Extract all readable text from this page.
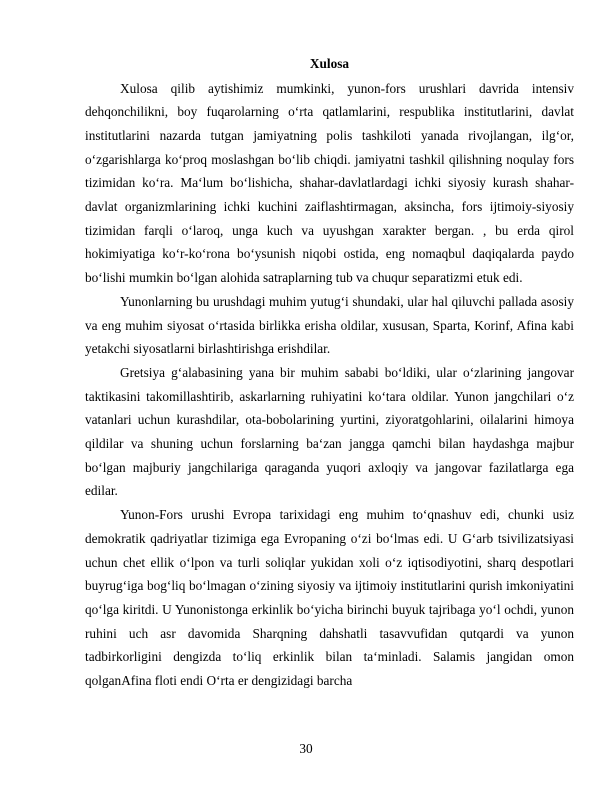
Xulosa

Xulosa qilib aytishimiz mumkinki, yunon-fors urushlari davrida intensiv dehqonchilikni, boy fuqarolarning o‘rta qatlamlarini, respublika institutlarini, davlat institutlarini nazarda tutgan jamiyatning polis tashkiloti yanada rivojlangan, ilg‘or, o‘zgarishlarga ko‘proq moslashgan bo‘lib chiqdi. jamiyatni tashkil qilishning noqulay fors tizimidan ko‘ra. Ma‘lum bo‘lishicha, shahar-davlatlardagi ichki siyosiy kurash shahar-davlat organizmlarining ichki kuchini zaiflashtirmagan, aksincha, fors ijtimoiy-siyosiy tizimidan farqli o‘laroq, unga kuch va uyushgan xarakter bergan. , bu erda qirol hokimiyatiga ko‘r-ko‘rona bo‘ysunish niqobi ostida, eng nomaqbul daqiqalarda paydo bo‘lishi mumkin bo‘lgan alohida satraplarning tub va chuqur separatizmi etuk edi.

Yunonlarning bu urushdagi muhim yutug‘i shundaki, ular hal qiluvchi pallada asosiy va eng muhim siyosat o‘rtasida birlikka erisha oldilar, xususan, Sparta, Korinf, Afina kabi yetakchi siyosatlarni birlashtirishga erishdilar.

Gretsiya g‘alabasining yana bir muhim sababi bo‘ldiki, ular o‘zlarining jangovar taktikasini takomillashtirib, askarlarning ruhiyatini ko‘tara oldilar. Yunon jangchilari o‘z vatanlari uchun kurashdilar, ota-bobolarining yurtini, ziyoratgohlarini, oilalarini himoya qildilar va shuning uchun forslarning ba‘zan jangga qamchi bilan haydashga majbur bo‘lgan majburiy jangchilariga qaraganda yuqori axloqiy va jangovar fazilatlarga ega edilar.

Yunon-Fors urushi Evropa tarixidagi eng muhim to‘qnashuv edi, chunki usiz demokratik qadriyatlar tizimiga ega Evropaning o‘zi bo‘lmas edi. U G‘arb tsivilizatsiyasi uchun chet ellik o‘lpon va turli soliqlar yukidan xoli o‘z iqtisodiyotini, sharq despotlari buyrug‘iga bog‘liq bo‘lmagan o‘zining siyosiy va ijtimoiy institutlarini qurish imkoniyatini qo‘lga kiritdi. U Yunonistonga erkinlik bo‘yicha birinchi buyuk tajribaga yo‘l ochdi, yunon ruhini uch asr davomida Sharqning dahshatli tasavvufidan qutqardi va yunon tadbirkorligini dengizda to‘liq erkinlik bilan ta‘minladi. Salamis jangidan omon qolganAfina floti endi O‘rta er dengizidagi barcha

30
